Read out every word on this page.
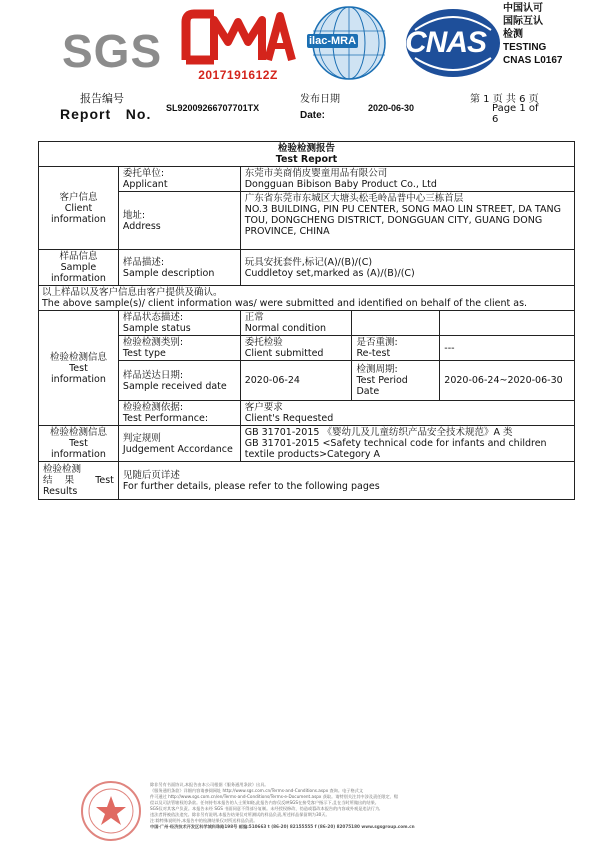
SGS	2017191612Z
ilac-MRA CNAS
中国认可
国际互认
检测
TESTING
CNAS L0167
报告编号
Report   No. SL92009266707701TX
发布日期
Date:
2020-06-30
第 1 页 共 6 页
Page 1 of
6
检验检测报告
Test Report				

客户信息
Client
information	委托单位:
Applicant	东莞市美商俏皮婴童用品有限公司
Dongguan Bibison Baby Product Co., Ltd		

	地址:
Address	广东省东莞市东城区大塘头松毛岭品普中心三栋首层
NO.3 BUILDING, PIN PU CENTER, SONG MAO LIN STREET, DA TANG TOU, DONGCHENG DISTRICT, DONGGUAN CITY, GUANG DONG PROVINCE, CHINA		

样品信息
Sample
information	样品描述:
Sample description	玩具安抚套件,标记(A)/(B)/(C)
Cuddletoy set,marked as (A)/(B)/(C)		

以上样品以及客户信息由客户提供及确认。
The above sample(s)/ client information was/ were submitted and identified on behalf of the client as.				

检验检测信息
Test information	样品状态描述:
Sample status	正常
Normal condition		

	检验检测类别:
Test type	委托检验
Client submitted	是否重测:
Re-test	---

	样品送达日期:
Sample received date	2020-06-24	检测周期:
Test Period
Date	2020-06-24~2020-06-30

	检验检测依据:
Test Performance:	客户要求
Client's Requested		

检验检测信息
Test
information	判定规则
Judgement Accordance	GB 31701-2015 《婴幼儿及儿童纺织产品安全技术规范》A 类
GB 31701-2015 <Safety technical code for infants and children textile products>Category A		

检验检测
结    果 Test
Results	见随后页详述
For further details, please refer to the following pages			
除非另有书面协议,本报告由本公司根据《服务通用条款》出具。
《服务通用条款》详细内容请参阅网址 http://www.sgs.com.cn/Terms-and-Conditions.aspx 查询。电子格式文
件可通过 http://www.sgs.com.cn/en/Terms-and-Conditions/Terms-e-Document.aspx 获取。请特别关注其中涉及责任限定、赔
偿以及司法管辖权的条款。任何持有本报告的人士须知晓,此报告内容仅反映SGS在接受客户指示下,且在当时所做出的结果。
SGS仅对其客户负责。本报告未经 SGS 书面同意不得部分复制。未经授权修改、伪造或篡改本报告的内容或外观是违法行为,
违法者将被依法追究。除非另有说明,本报告结果仅对所测试的样品负责,所述样品保留期为30天。
注:除特殊说明外,本报告中的检测结果仅对所送样品负责。
中国·广州·经济技术开发区科学城科珠路198号 邮编:510663 t (86-20) 82155555 f (86-20) 82075180 www.sgsgroup.com.cn
